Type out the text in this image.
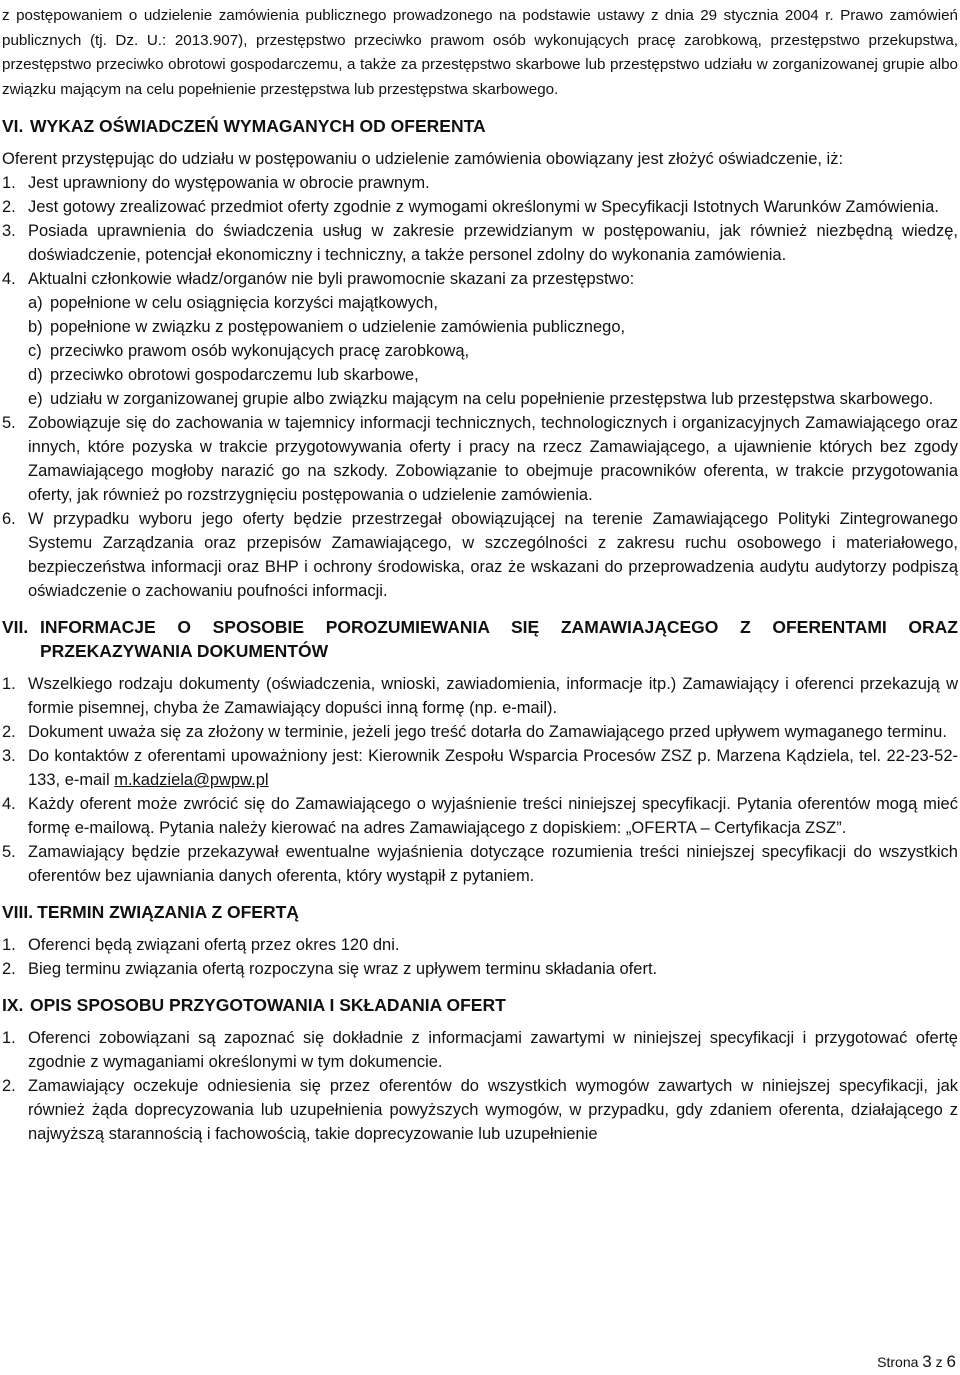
z postępowaniem o udzielenie zamówienia publicznego prowadzonego na podstawie ustawy z dnia 29 stycznia 2004 r. Prawo zamówień publicznych (tj. Dz. U.: 2013.907), przestępstwo przeciwko prawom osób wykonujących pracę zarobkową, przestępstwo przekupstwa, przestępstwo przeciwko obrotowi gospodarczemu, a także za przestępstwo skarbowe lub przestępstwo udziału w zorganizowanej grupie albo związku mającym na celu popełnienie przestępstwa lub przestępstwa skarbowego.

VI. WYKAZ OŚWIADCZEŃ WYMAGANYCH OD OFERENTA
Oferent przystępując do udziału w postępowaniu o udzielenie zamówienia obowiązany jest złożyć oświadczenie, iż:
1. Jest uprawniony do występowania w obrocie prawnym.
2. Jest gotowy zrealizować przedmiot oferty zgodnie z wymogami określonymi w Specyfikacji Istotnych Warunków Zamówienia.
3. Posiada uprawnienia do świadczenia usług w zakresie przewidzianym w postępowaniu, jak również niezbędną wiedzę, doświadczenie, potencjał ekonomiczny i techniczny, a także personel zdolny do wykonania zamówienia.
4. Aktualni członkowie władz/organów nie byli prawomocnie skazani za przestępstwo:
a) popełnione w celu osiągnięcia korzyści majątkowych,
b) popełnione w związku z postępowaniem o udzielenie zamówienia publicznego,
c) przeciwko prawom osób wykonujących pracę zarobkową,
d) przeciwko obrotowi gospodarczemu lub skarbowe,
e) udziału w zorganizowanej grupie albo związku mającym na celu popełnienie przestępstwa lub przestępstwa skarbowego.
5. Zobowiązuje się do zachowania w tajemnicy informacji technicznych, technologicznych i organizacyjnych Zamawiającego oraz innych, które pozyska w trakcie przygotowywania oferty i pracy na rzecz Zamawiającego, a ujawnienie których bez zgody Zamawiającego mogłoby narazić go na szkody. Zobowiązanie to obejmuje pracowników oferenta, w trakcie przygotowania oferty, jak również po rozstrzygnięciu postępowania o udzielenie zamówienia.
6. W przypadku wyboru jego oferty będzie przestrzegał obowiązującej na terenie Zamawiającego Polityki Zintegrowanego Systemu Zarządzania oraz przepisów Zamawiającego, w szczególności z zakresu ruchu osobowego i materiałowego, bezpieczeństwa informacji oraz BHP i ochrony środowiska, oraz że wskazani do przeprowadzenia audytu audytorzy podpiszą oświadczenie o zachowaniu poufności informacji.
VII. INFORMACJE O SPOSOBIE POROZUMIEWANIA SIĘ ZAMAWIAJĄCEGO Z OFERENTAMI ORAZ PRZEKAZYWANIA DOKUMENTÓW
1. Wszelkiego rodzaju dokumenty (oświadczenia, wnioski, zawiadomienia, informacje itp.) Zamawiający i oferenci przekazują w formie pisemnej, chyba że Zamawiający dopuści inną formę (np. e-mail).
2. Dokument uważa się za złożony w terminie, jeżeli jego treść dotarła do Zamawiającego przed upływem wymaganego terminu.
3. Do kontaktów z oferentami upoważniony jest: Kierownik Zespołu Wsparcia Procesów ZSZ p. Marzena Kądziela, tel. 22-23-52-133, e-mail m.kadziela@pwpw.pl
4. Każdy oferent może zwrócić się do Zamawiającego o wyjaśnienie treści niniejszej specyfikacji. Pytania oferentów mogą mieć formę e-mailową. Pytania należy kierować na adres Zamawiającego z dopiskiem: „OFERTA – Certyfikacja ZSZ”.
5. Zamawiający będzie przekazywał ewentualne wyjaśnienia dotyczące rozumienia treści niniejszej specyfikacji do wszystkich oferentów bez ujawniania danych oferenta, który wystąpił z pytaniem.
VIII. TERMIN ZWIĄZANIA Z OFERTĄ
1. Oferenci będą związani ofertą przez okres 120 dni.
2. Bieg terminu związania ofertą rozpoczyna się wraz z upływem terminu składania ofert.
IX. OPIS SPOSOBU PRZYGOTOWANIA I SKŁADANIA OFERT
1. Oferenci zobowiązani są zapoznać się dokładnie z informacjami zawartymi w niniejszej specyfikacji i przygotować ofertę zgodnie z wymaganiami określonymi w tym dokumencie.
2. Zamawiający oczekuje odniesienia się przez oferentów do wszystkich wymogów zawartych w niniejszej specyfikacji, jak również żąda doprecyzowania lub uzupełnienia powyższych wymogów, w przypadku, gdy zdaniem oferenta, działającego z najwyższą starannością i fachowością, takie doprecyzowanie lub uzupełnienie
Strona 3 z 6
